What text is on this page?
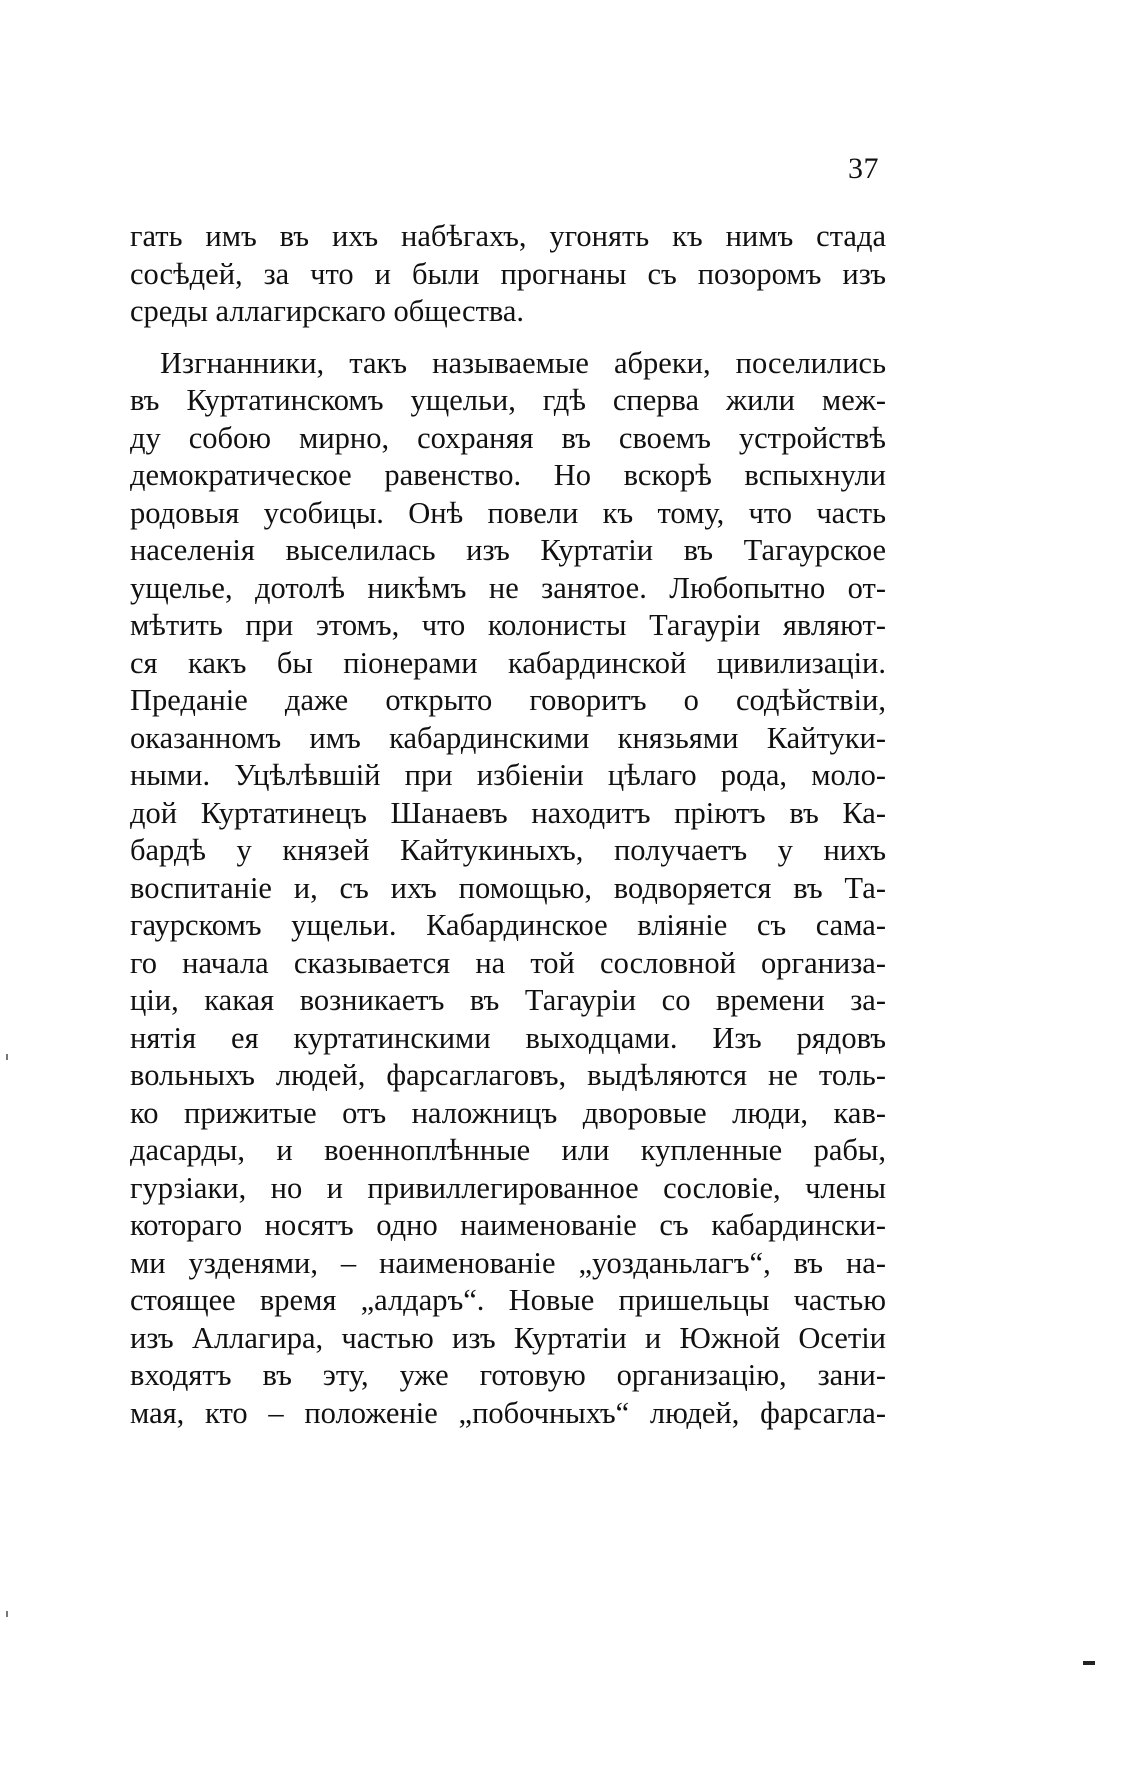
37
гать имъ въ ихъ набѣгахъ, угонять къ нимъ стада
сосѣдей, за что и были прогнаны съ позоромъ изъ
среды аллагирскаго общества.
Изгнанники, такъ называемые абреки, поселились
въ Куртатинскомъ ущельи, гдѣ сперва жили меж-
ду собою мирно, сохраняя въ своемъ устройствѣ
демократическое равенство. Но вскорѣ вспыхнули
родовыя усобицы. Онѣ повели къ тому, что часть
населенія выселилась изъ Куртатіи въ Тагаурское
ущелье, дотолѣ никѣмъ не занятое. Любопытно от-
мѣтить при этомъ, что колонисты Тагауріи являют-
ся какъ бы піонерами кабардинской цивилизаціи.
Преданіе даже открыто говоритъ о содѣйствіи,
оказанномъ имъ кабардинскими князьями Кайтуки-
ными. Уцѣлѣвшій при избіеніи цѣлаго рода, моло-
дой Куртатинецъ Шанаевъ находитъ пріютъ въ Ка-
бардѣ у князей Кайтукиныхъ, получаетъ у нихъ
воспитаніе и, съ ихъ помощью, водворяется въ Та-
гаурскомъ ущельи. Кабардинское вліяніе съ сама-
го начала сказывается на той сословной организа-
ціи, какая возникаетъ въ Тагауріи со времени за-
нятія ея куртатинскими выходцами. Изъ рядовъ
вольныхъ людей, фарсаглаговъ, выдѣляются не толь-
ко прижитые отъ наложницъ дворовые люди, кав-
дасарды, и военноплѣнные или купленные рабы,
гурзіаки, но и привиллегированное сословіе, члены
котораго носятъ одно наименованіе съ кабардински-
ми узденями, – наименованіе „уозданьлагъ“, въ на-
стоящее время „алдаръ“. Новые пришельцы частью
изъ Аллагира, частью изъ Куртатіи и Южной Осетіи
входятъ въ эту, уже готовую организацію, зани-
мая, кто – положеніе „побочныхъ“ людей, фарсагла-
